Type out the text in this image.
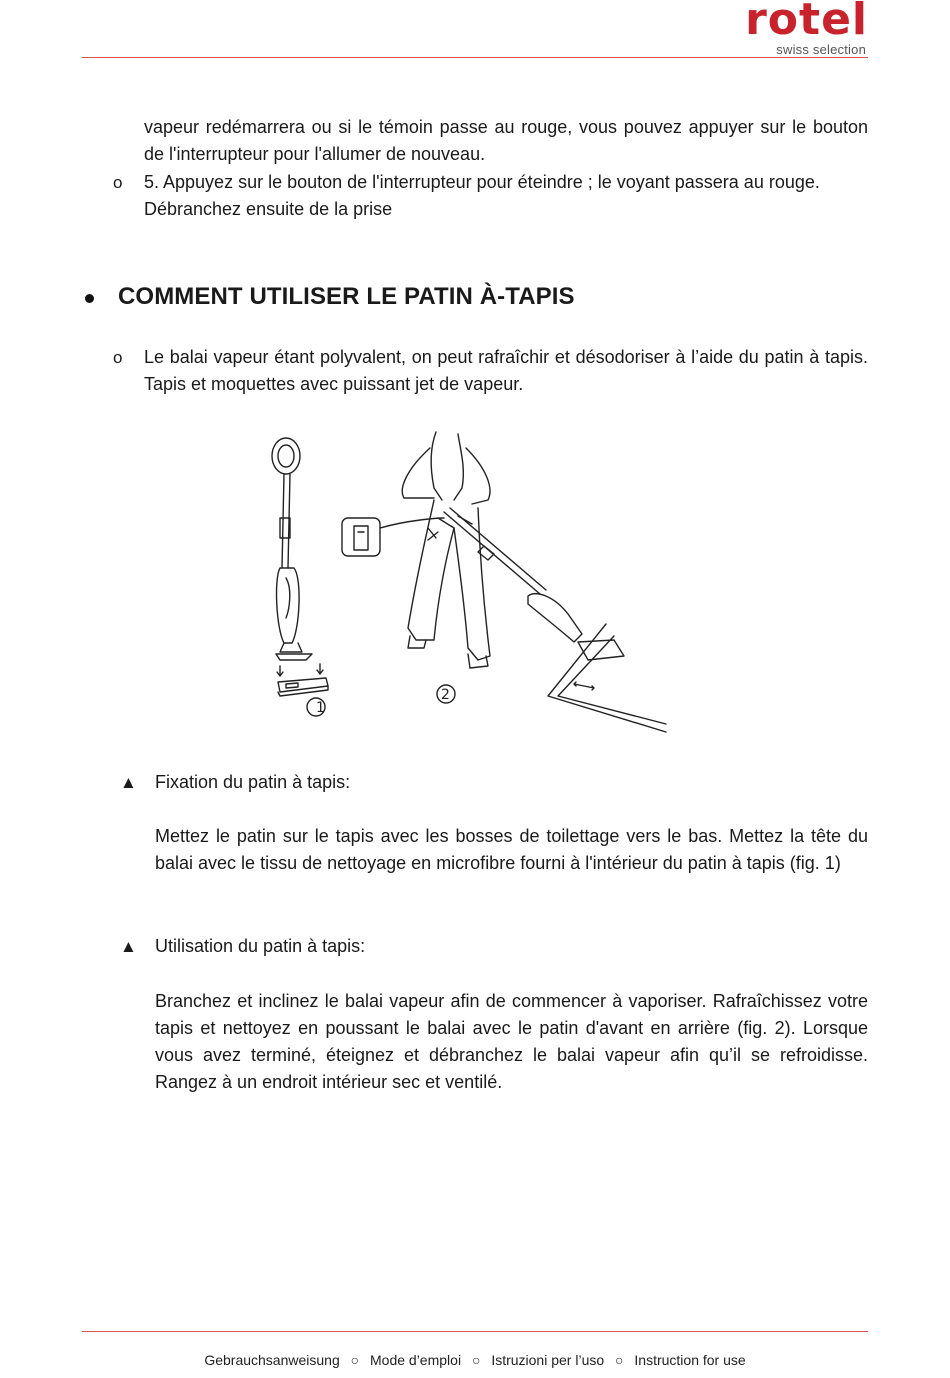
rotel
swiss selection
vapeur redémarrera ou si le témoin passe au rouge, vous pouvez appuyer sur le bouton de l'interrupteur pour l'allumer de nouveau.
o 5. Appuyez sur le bouton de l'interrupteur pour éteindre ; le voyant passera au rouge.
Débranchez ensuite de la prise
COMMENT UTILISER LE PATIN À-TAPIS
o Le balai vapeur étant polyvalent, on peut rafraîchir et désodoriser à l’aide du patin à tapis. Tapis et moquettes avec puissant jet de vapeur.
1
2
▲ Fixation du patin à tapis:
Mettez le patin sur le tapis avec les bosses de toilettage vers le bas. Mettez la tête du balai avec le tissu de nettoyage en microfibre fourni à l'intérieur du patin à tapis (fig. 1)
▲ Utilisation du patin à tapis:
Branchez et inclinez le balai vapeur afin de commencer à vaporiser. Rafraîchissez votre tapis et nettoyez en poussant le balai avec le patin d'avant en arrière (fig. 2). Lorsque vous avez terminé, éteignez et débranchez le balai vapeur afin qu’il se refroidisse. Rangez à un endroit intérieur sec et ventilé.
Gebrauchsanweisung ○ Mode d’emploi ○ Istruzioni per l’uso ○ Instruction for use
